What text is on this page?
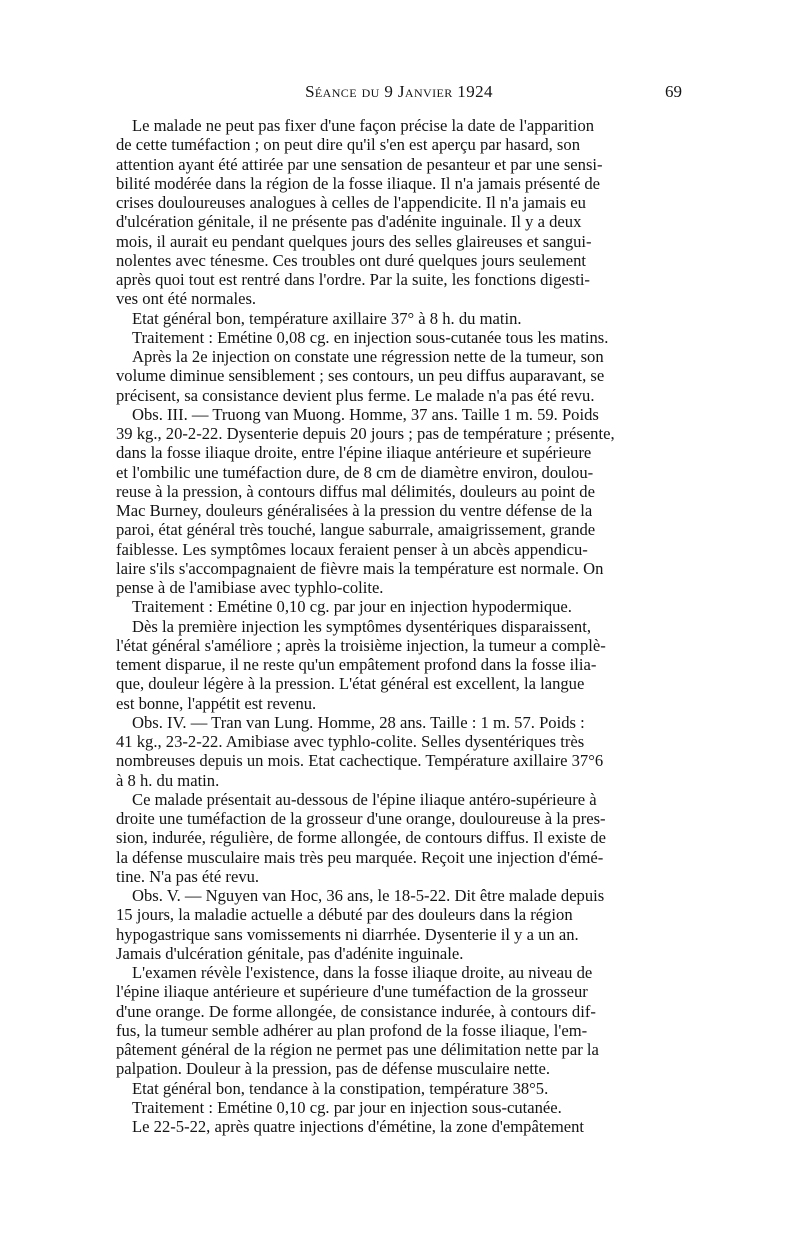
Séance du 9 Janvier 1924	69
Le malade ne peut pas fixer d'une façon précise la date de l'apparition
de cette tuméfaction ; on peut dire qu'il s'en est aperçu par hasard, son
attention ayant été attirée par une sensation de pesanteur et par une sensi-
bilité modérée dans la région de la fosse iliaque. Il n'a jamais présenté de
crises douloureuses analogues à celles de l'appendicite. Il n'a jamais eu
d'ulcération génitale, il ne présente pas d'adénite inguinale. Il y a deux
mois, il aurait eu pendant quelques jours des selles glaireuses et sangui-
nolentes avec ténesme. Ces troubles ont duré quelques jours seulement
après quoi tout est rentré dans l'ordre. Par la suite, les fonctions digesti-
ves ont été normales.
Etat général bon, température axillaire 37° à 8 h. du matin.
Traitement : Emétine 0,08 cg. en injection sous-cutanée tous les matins.
Après la 2e injection on constate une régression nette de la tumeur, son
volume diminue sensiblement ; ses contours, un peu diffus auparavant, se
précisent, sa consistance devient plus ferme. Le malade n'a pas été revu.
Obs. III. — Truong van Muong. Homme, 37 ans. Taille 1 m. 59. Poids
39 kg., 20-2-22. Dysenterie depuis 20 jours ; pas de température ; présente,
dans la fosse iliaque droite, entre l'épine iliaque antérieure et supérieure
et l'ombilic une tuméfaction dure, de 8 cm de diamètre environ, doulou-
reuse à la pression, à contours diffus mal délimités, douleurs au point de
Mac Burney, douleurs généralisées à la pression du ventre défense de la
paroi, état général très touché, langue saburrale, amaigrissement, grande
faiblesse. Les symptômes locaux feraient penser à un abcès appendicu-
laire s'ils s'accompagnaient de fièvre mais la température est normale. On
pense à de l'amibiase avec typhlo-colite.
Traitement : Emétine 0,10 cg. par jour en injection hypodermique.
Dès la première injection les symptômes dysentériques disparaissent,
l'état général s'améliore ; après la troisième injection, la tumeur a complè-
tement disparue, il ne reste qu'un empâtement profond dans la fosse ilia-
que, douleur légère à la pression. L'état général est excellent, la langue
est bonne, l'appétit est revenu.
Obs. IV. — Tran van Lung. Homme, 28 ans. Taille : 1 m. 57. Poids :
41 kg., 23-2-22. Amibiase avec typhlo-colite. Selles dysentériques très
nombreuses depuis un mois. Etat cachectique. Température axillaire 37°6
à 8 h. du matin.
Ce malade présentait au-dessous de l'épine iliaque antéro-supérieure à
droite une tuméfaction de la grosseur d'une orange, douloureuse à la pres-
sion, indurée, régulière, de forme allongée, de contours diffus. Il existe de
la défense musculaire mais très peu marquée. Reçoit une injection d'émé-
tine. N'a pas été revu.
Obs. V. — Nguyen van Hoc, 36 ans, le 18-5-22. Dit être malade depuis
15 jours, la maladie actuelle a débuté par des douleurs dans la région
hypogastrique sans vomissements ni diarrhée. Dysenterie il y a un an.
Jamais d'ulcération génitale, pas d'adénite inguinale.
L'examen révèle l'existence, dans la fosse iliaque droite, au niveau de
l'épine iliaque antérieure et supérieure d'une tuméfaction de la grosseur
d'une orange. De forme allongée, de consistance indurée, à contours dif-
fus, la tumeur semble adhérer au plan profond de la fosse iliaque, l'em-
pâtement général de la région ne permet pas une délimitation nette par la
palpation. Douleur à la pression, pas de défense musculaire nette.
Etat général bon, tendance à la constipation, température 38°5.
Traitement : Emétine 0,10 cg. par jour en injection sous-cutanée.
Le 22-5-22, après quatre injections d'émétine, la zone d'empâtement
